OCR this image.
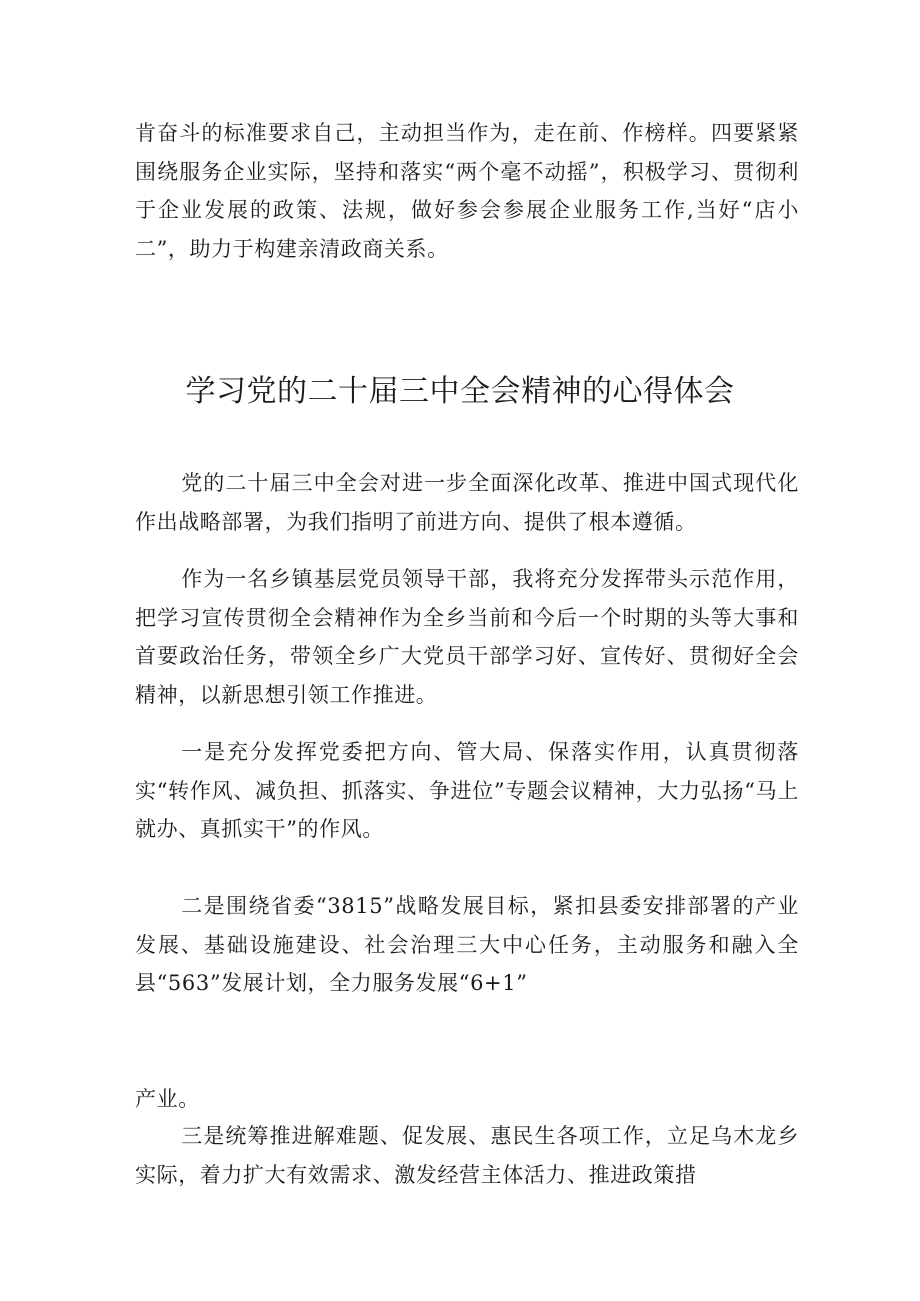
肯奋斗的标准要求自己，主动担当作为，走在前、作榜样。四要紧紧围绕服务企业实际，坚持和落实“两个毫不动摇”，积极学习、贯彻利于企业发展的政策、法规，做好参会参展企业服务工作,当好“店小二”，助力于构建亲清政商关系。

学习党的二十届三中全会精神的心得体会

党的二十届三中全会对进一步全面深化改革、推进中国式现代化作出战略部署，为我们指明了前进方向、提供了根本遵循。

作为一名乡镇基层党员领导干部，我将充分发挥带头示范作用，把学习宣传贯彻全会精神作为全乡当前和今后一个时期的头等大事和首要政治任务，带领全乡广大党员干部学习好、宣传好、贯彻好全会精神，以新思想引领工作推进。

一是充分发挥党委把方向、管大局、保落实作用，认真贯彻落实“转作风、减负担、抓落实、争进位”专题会议精神，大力弘扬“马上就办、真抓实干”的作风。

二是围绕省委“3815”战略发展目标，紧扣县委安排部署的产业发展、基础设施建设、社会治理三大中心任务，主动服务和融入全县“563”发展计划，全力服务发展“6+1”

产业。

三是统筹推进解难题、促发展、惠民生各项工作，立足乌木龙乡实际，着力扩大有效需求、激发经营主体活力、推进政策措
